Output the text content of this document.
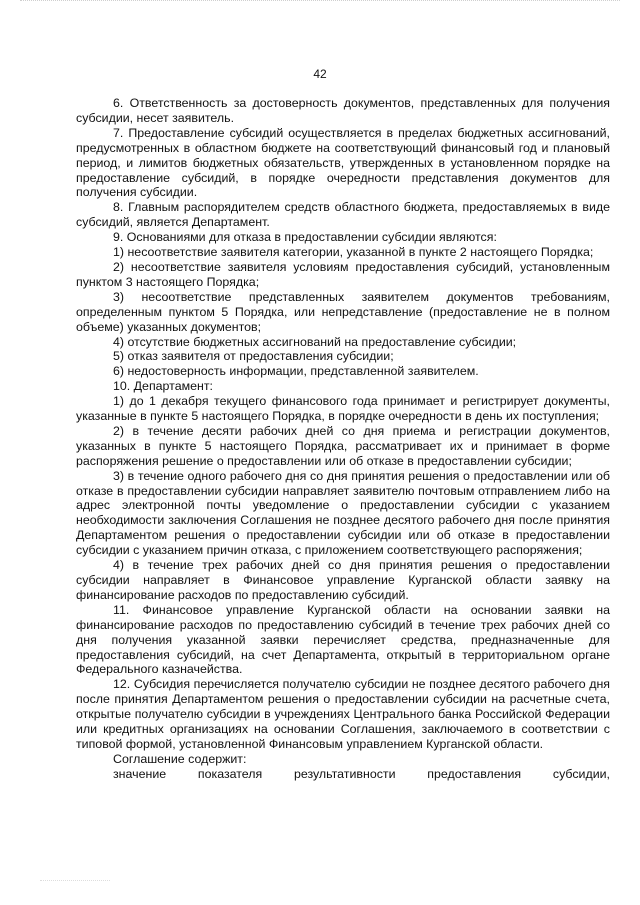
42

6. Ответственность за достоверность документов, представленных для получения субсидии, несет заявитель.

7. Предоставление субсидий осуществляется в пределах бюджетных ассигнований, предусмотренных в областном бюджете на соответствующий финансовый год и плановый период, и лимитов бюджетных обязательств, утвержденных в установленном порядке на предоставление субсидий, в порядке очередности представления документов для получения субсидии.

8. Главным распорядителем средств областного бюджета, предоставляемых в виде субсидий, является Департамент.

9. Основаниями для отказа в предоставлении субсидии являются:

1) несоответствие заявителя категории, указанной в пункте 2 настоящего Порядка;

2) несоответствие заявителя условиям предоставления субсидий, установленным пунктом 3 настоящего Порядка;

3) несоответствие представленных заявителем документов требованиям, определенным пунктом 5 Порядка, или непредставление (предоставление не в полном объеме) указанных документов;

4) отсутствие бюджетных ассигнований на предоставление субсидии;

5) отказ заявителя от предоставления субсидии;

6) недостоверность информации, представленной заявителем.

10. Департамент:

1) до 1 декабря текущего финансового года принимает и регистрирует документы, указанные в пункте 5 настоящего Порядка, в порядке очередности в день их поступления;

2) в течение десяти рабочих дней со дня приема и регистрации документов, указанных в пункте 5 настоящего Порядка, рассматривает их и принимает в форме распоряжения решение о предоставлении или об отказе в предоставлении субсидии;

3) в течение одного рабочего дня со дня принятия решения о предоставлении или об отказе в предоставлении субсидии направляет заявителю почтовым отправлением либо на адрес электронной почты уведомление о предоставлении субсидии с указанием необходимости заключения Соглашения не позднее десятого рабочего дня после принятия Департаментом решения о предоставлении субсидии или об отказе в предоставлении субсидии с указанием причин отказа, с приложением соответствующего распоряжения;

4) в течение трех рабочих дней со дня принятия решения о предоставлении субсидии направляет в Финансовое управление Курганской области заявку на финансирование расходов по предоставлению субсидий.

11. Финансовое управление Курганской области на основании заявки на финансирование расходов по предоставлению субсидий в течение трех рабочих дней со дня получения указанной заявки перечисляет средства, предназначенные для предоставления субсидий, на счет Департамента, открытый в территориальном органе Федерального казначейства.

12. Субсидия перечисляется получателю субсидии не позднее десятого рабочего дня после принятия Департаментом решения о предоставлении субсидии на расчетные счета, открытые получателю субсидии в учреждениях Центрального банка Российской Федерации или кредитных организациях на основании Соглашения, заключаемого в соответствии с типовой формой, установленной Финансовым управлением Курганской области.

Соглашение содержит:

значение показателя результативности предоставления субсидии,
